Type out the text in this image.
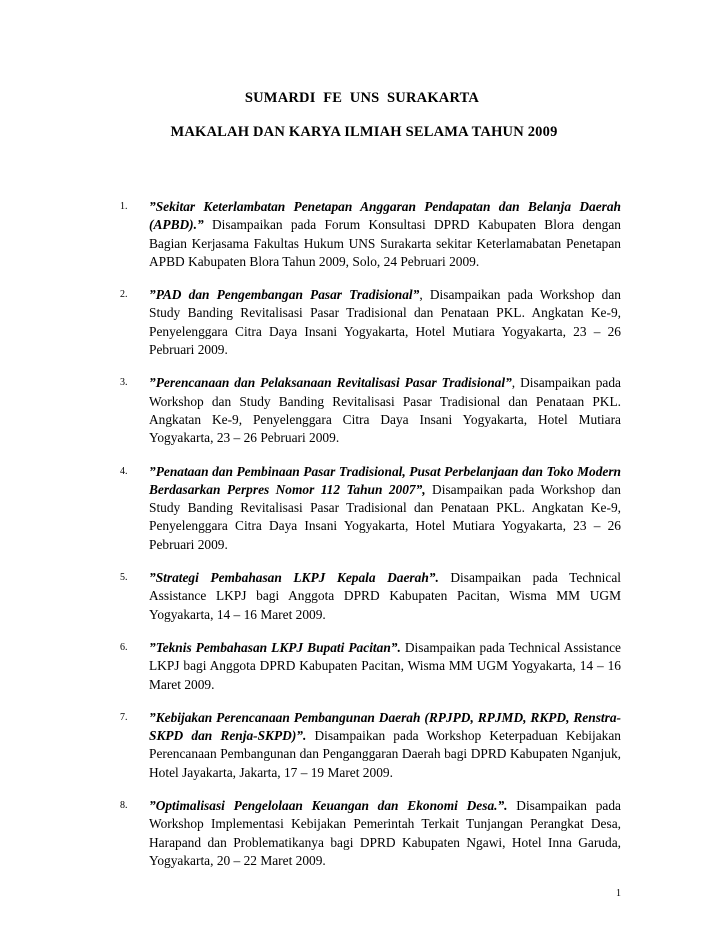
SUMARDI  FE  UNS  SURAKARTA
MAKALAH DAN KARYA ILMIAH SELAMA TAHUN 2009
1. ”Sekitar Keterlambatan Penetapan Anggaran Pendapatan dan Belanja Daerah (APBD).” Disampaikan pada Forum Konsultasi DPRD Kabupaten Blora dengan Bagian Kerjasama Fakultas Hukum UNS Surakarta sekitar Keterlamabatan Penetapan APBD Kabupaten Blora Tahun 2009, Solo, 24 Pebruari 2009.
2. ”PAD dan Pengembangan Pasar Tradisional”, Disampaikan pada Workshop dan Study Banding Revitalisasi Pasar Tradisional dan Penataan PKL. Angkatan Ke-9, Penyelenggara Citra Daya Insani Yogyakarta, Hotel Mutiara Yogyakarta, 23 – 26 Pebruari 2009.
3. ”Perencanaan dan Pelaksanaan Revitalisasi Pasar Tradisional”, Disampaikan pada Workshop dan Study Banding Revitalisasi Pasar Tradisional dan Penataan PKL. Angkatan Ke-9, Penyelenggara Citra Daya Insani Yogyakarta, Hotel Mutiara Yogyakarta, 23 – 26 Pebruari 2009.
4. ”Penataan dan Pembinaan Pasar Tradisional, Pusat Perbelanjaan dan Toko Modern Berdasarkan Perpres Nomor 112 Tahun 2007”, Disampaikan pada Workshop dan Study Banding Revitalisasi Pasar Tradisional dan Penataan PKL. Angkatan Ke-9, Penyelenggara Citra Daya Insani Yogyakarta, Hotel Mutiara Yogyakarta, 23 – 26 Pebruari 2009.
5. ”Strategi Pembahasan LKPJ Kepala Daerah”. Disampaikan pada Technical Assistance LKPJ bagi Anggota DPRD Kabupaten Pacitan, Wisma MM UGM Yogyakarta, 14 – 16 Maret 2009.
6. ”Teknis Pembahasan LKPJ Bupati Pacitan”. Disampaikan pada Technical Assistance LKPJ bagi Anggota DPRD Kabupaten Pacitan, Wisma MM UGM Yogyakarta, 14 – 16 Maret 2009.
7. ”Kebijakan Perencanaan Pembangunan Daerah (RPJPD, RPJMD, RKPD, Renstra-SKPD dan Renja-SKPD)”. Disampaikan pada Workshop Keterpaduan Kebijakan Perencanaan Pembangunan dan Penganggaran Daerah bagi DPRD Kabupaten Nganjuk, Hotel Jayakarta, Jakarta, 17 – 19 Maret 2009.
8. ”Optimalisasi Pengelolaan Keuangan dan Ekonomi Desa.”. Disampaikan pada Workshop Implementasi Kebijakan Pemerintah Terkait Tunjangan Perangkat Desa, Harapand dan Problematikanya bagi DPRD Kabupaten Ngawi, Hotel Inna Garuda, Yogyakarta, 20 – 22 Maret 2009.
1
